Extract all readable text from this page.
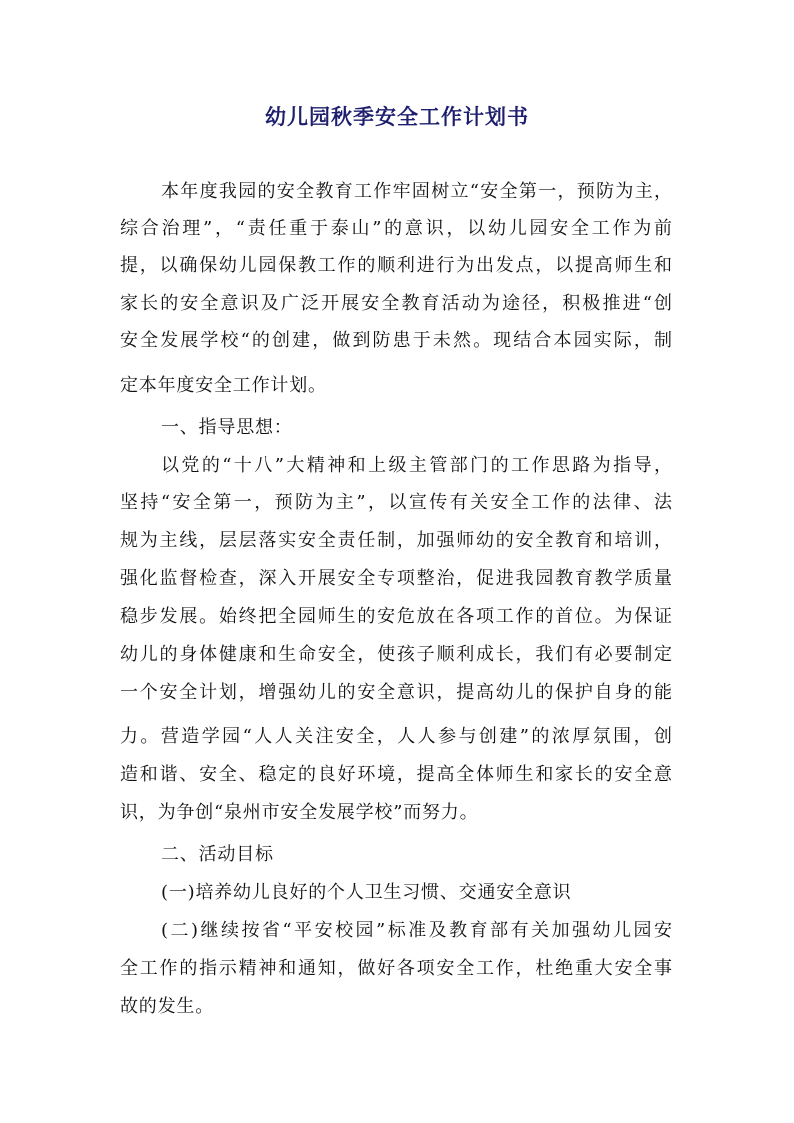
幼儿园秋季安全工作计划书
本年度我园的安全教育工作牢固树立“安全第一，预防为主，
综合治理”，“责任重于泰山”的意识，以幼儿园安全工作为前
提，以确保幼儿园保教工作的顺利进行为出发点，以提高师生和
家长的安全意识及广泛开展安全教育活动为途径，积极推进“创
安全发展学校“的创建，做到防患于未然。现结合本园实际，制
定本年度安全工作计划。
一、指导思想：
以党的“十八”大精神和上级主管部门的工作思路为指导，
坚持“安全第一，预防为主”，以宣传有关安全工作的法律、法
规为主线，层层落实安全责任制，加强师幼的安全教育和培训，
强化监督检查，深入开展安全专项整治，促进我园教育教学质量
稳步发展。始终把全园师生的安危放在各项工作的首位。为保证
幼儿的身体健康和生命安全，使孩子顺利成长，我们有必要制定
一个安全计划，增强幼儿的安全意识，提高幼儿的保护自身的能
力。营造学园“人人关注安全，人人参与创建”的浓厚氛围，创
造和谐、安全、稳定的良好环境，提高全体师生和家长的安全意
识，为争创“泉州市安全发展学校”而努力。
二、活动目标
(一)培养幼儿良好的个人卫生习惯、交通安全意识
(二)继续按省“平安校园”标准及教育部有关加强幼儿园安
全工作的指示精神和通知，做好各项安全工作，杜绝重大安全事
故的发生。
